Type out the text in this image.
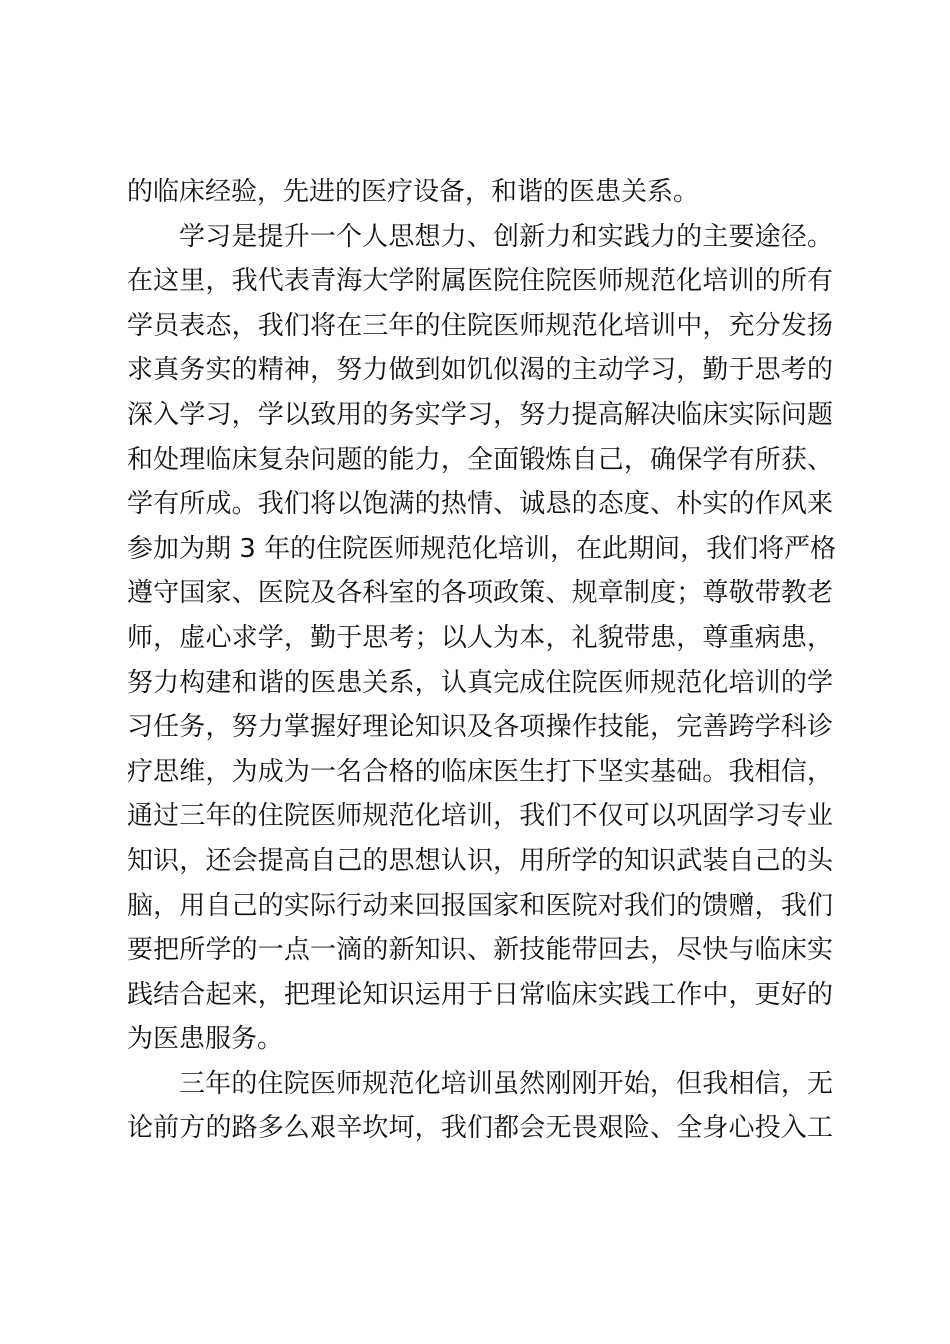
的临床经验，先进的医疗设备，和谐的医患关系。
学习是提升一个人思想力、创新力和实践力的主要途径。
在这里，我代表青海大学附属医院住院医师规范化培训的所有
学员表态，我们将在三年的住院医师规范化培训中，充分发扬
求真务实的精神，努力做到如饥似渴的主动学习，勤于思考的
深入学习，学以致用的务实学习，努力提高解决临床实际问题
和处理临床复杂问题的能力，全面锻炼自己，确保学有所获、
学有所成。我们将以饱满的热情、诚恳的态度、朴实的作风来
参加为期 3 年的住院医师规范化培训，在此期间，我们将严格
遵守国家、医院及各科室的各项政策、规章制度；尊敬带教老
师，虚心求学，勤于思考；以人为本，礼貌带患，尊重病患，
努力构建和谐的医患关系，认真完成住院医师规范化培训的学
习任务，努力掌握好理论知识及各项操作技能，完善跨学科诊
疗思维，为成为一名合格的临床医生打下坚实基础。我相信，
通过三年的住院医师规范化培训，我们不仅可以巩固学习专业
知识，还会提高自己的思想认识，用所学的知识武装自己的头
脑，用自己的实际行动来回报国家和医院对我们的馈赠，我们
要把所学的一点一滴的新知识、新技能带回去，尽快与临床实
践结合起来，把理论知识运用于日常临床实践工作中，更好的
为医患服务。
三年的住院医师规范化培训虽然刚刚开始，但我相信，无
论前方的路多么艰辛坎坷，我们都会无畏艰险、全身心投入工
